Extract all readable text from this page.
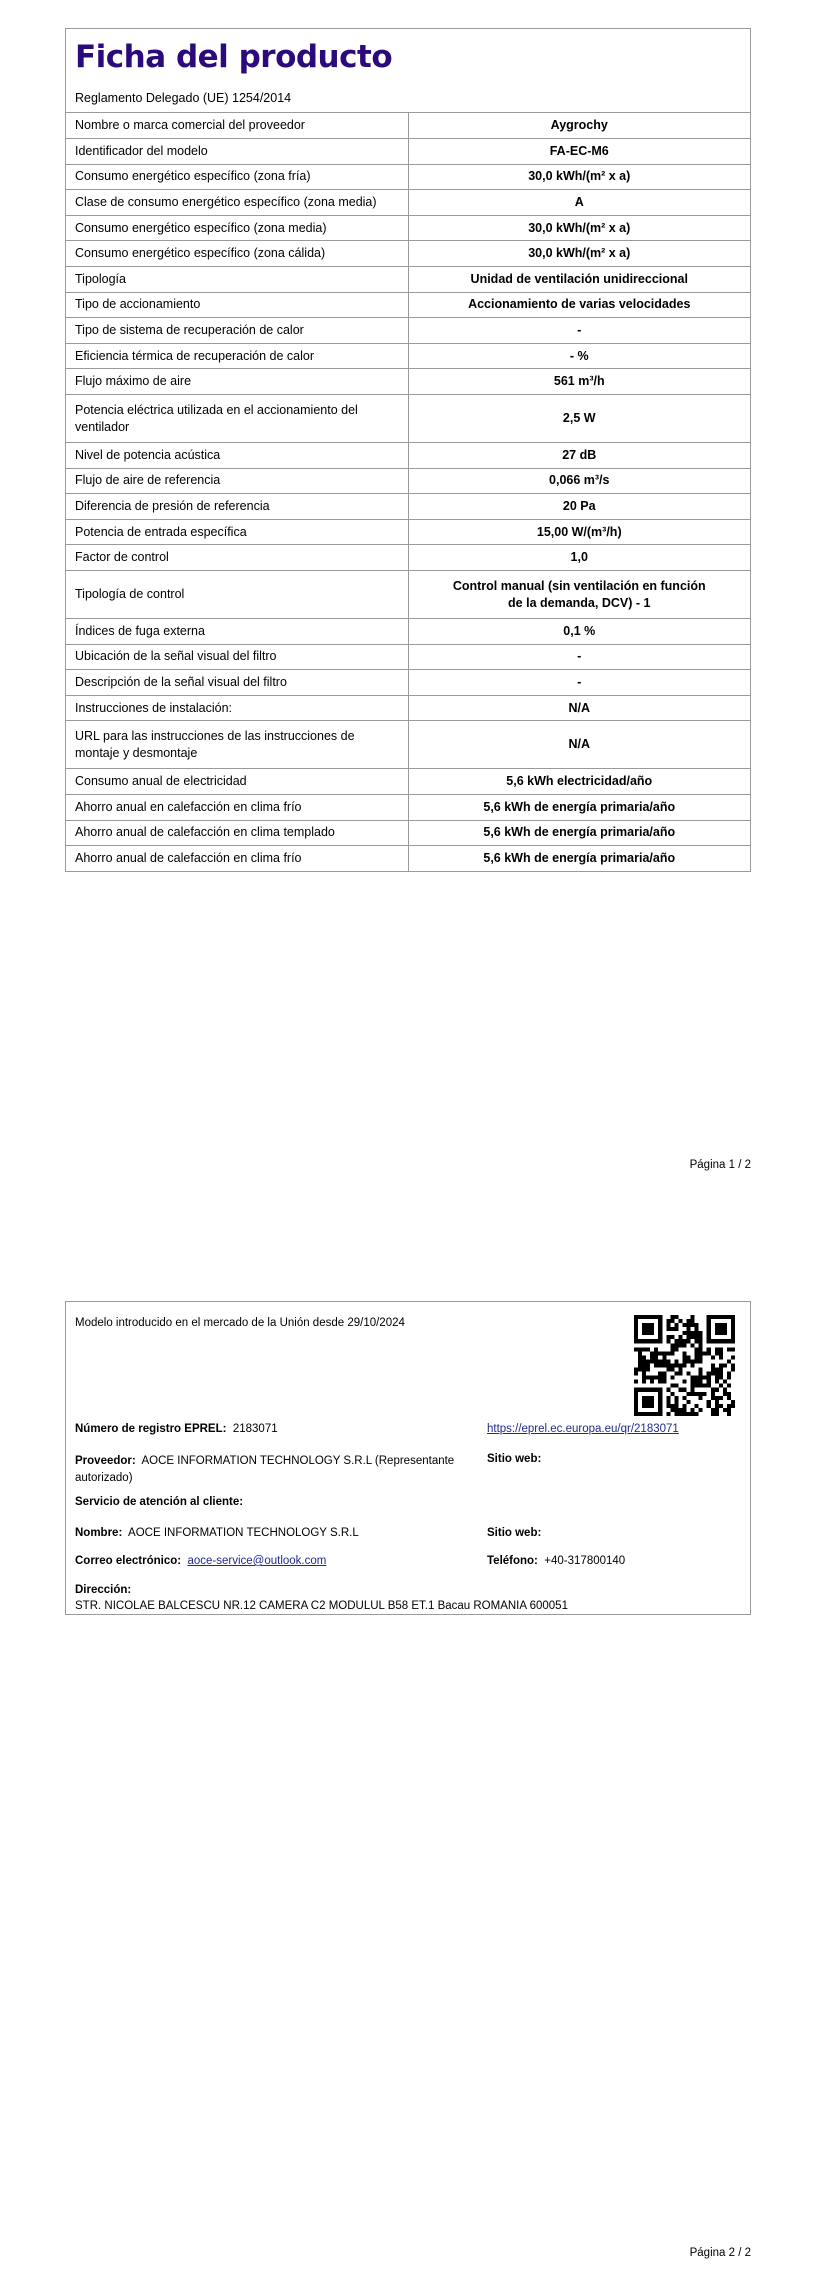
Ficha del producto
Reglamento Delegado (UE) 1254/2014
Nombre o marca comercial del proveedor	Aygrochy
Identificador del modelo	FA-EC-M6
Consumo energético específico (zona fría)	30,0 kWh/(m² x a)
Clase de consumo energético específico (zona media)	A
Consumo energético específico (zona media)	30,0 kWh/(m² x a)
Consumo energético específico (zona cálida)	30,0 kWh/(m² x a)
Tipología	Unidad de ventilación unidireccional
Tipo de accionamiento	Accionamiento de varias velocidades
Tipo de sistema de recuperación de calor	-
Eficiencia térmica de recuperación de calor	- %
Flujo máximo de aire	561 m³/h
Potencia eléctrica utilizada en el accionamiento del ventilador	2,5 W
Nivel de potencia acústica	27 dB
Flujo de aire de referencia	0,066 m³/s
Diferencia de presión de referencia	20 Pa
Potencia de entrada específica	15,00 W/(m³/h)
Factor de control	1,0
Tipología de control	Control manual (sin ventilación en función de la demanda, DCV) - 1
Índices de fuga externa	0,1 %
Ubicación de la señal visual del filtro	-
Descripción de la señal visual del filtro	-
Instrucciones de instalación:	N/A
URL para las instrucciones de las instrucciones de montaje y desmontaje	N/A
Consumo anual de electricidad	5,6 kWh electricidad/año
Ahorro anual en calefacción en clima frío	5,6 kWh de energía primaria/año
Ahorro anual de calefacción en clima templado	5,6 kWh de energía primaria/año
Ahorro anual de calefacción en clima frío	5,6 kWh de energía primaria/año
Página 1 / 2
Modelo introducido en el mercado de la Unión desde 29/10/2024
Número de registro EPREL: 2183071	https://eprel.ec.europa.eu/qr/2183071
Proveedor: AOCE INFORMATION TECHNOLOGY S.R.L (Representante autorizado)
Sitio web:
Servicio de atención al cliente:
Nombre: AOCE INFORMATION TECHNOLOGY S.R.L	Sitio web:
Correo electrónico: aoce-service@outlook.com	Teléfono: +40-317800140
Dirección:
STR. NICOLAE BALCESCU NR.12 CAMERA C2 MODULUL B58 ET.1 Bacau ROMANIA 600051
Página 2 / 2
